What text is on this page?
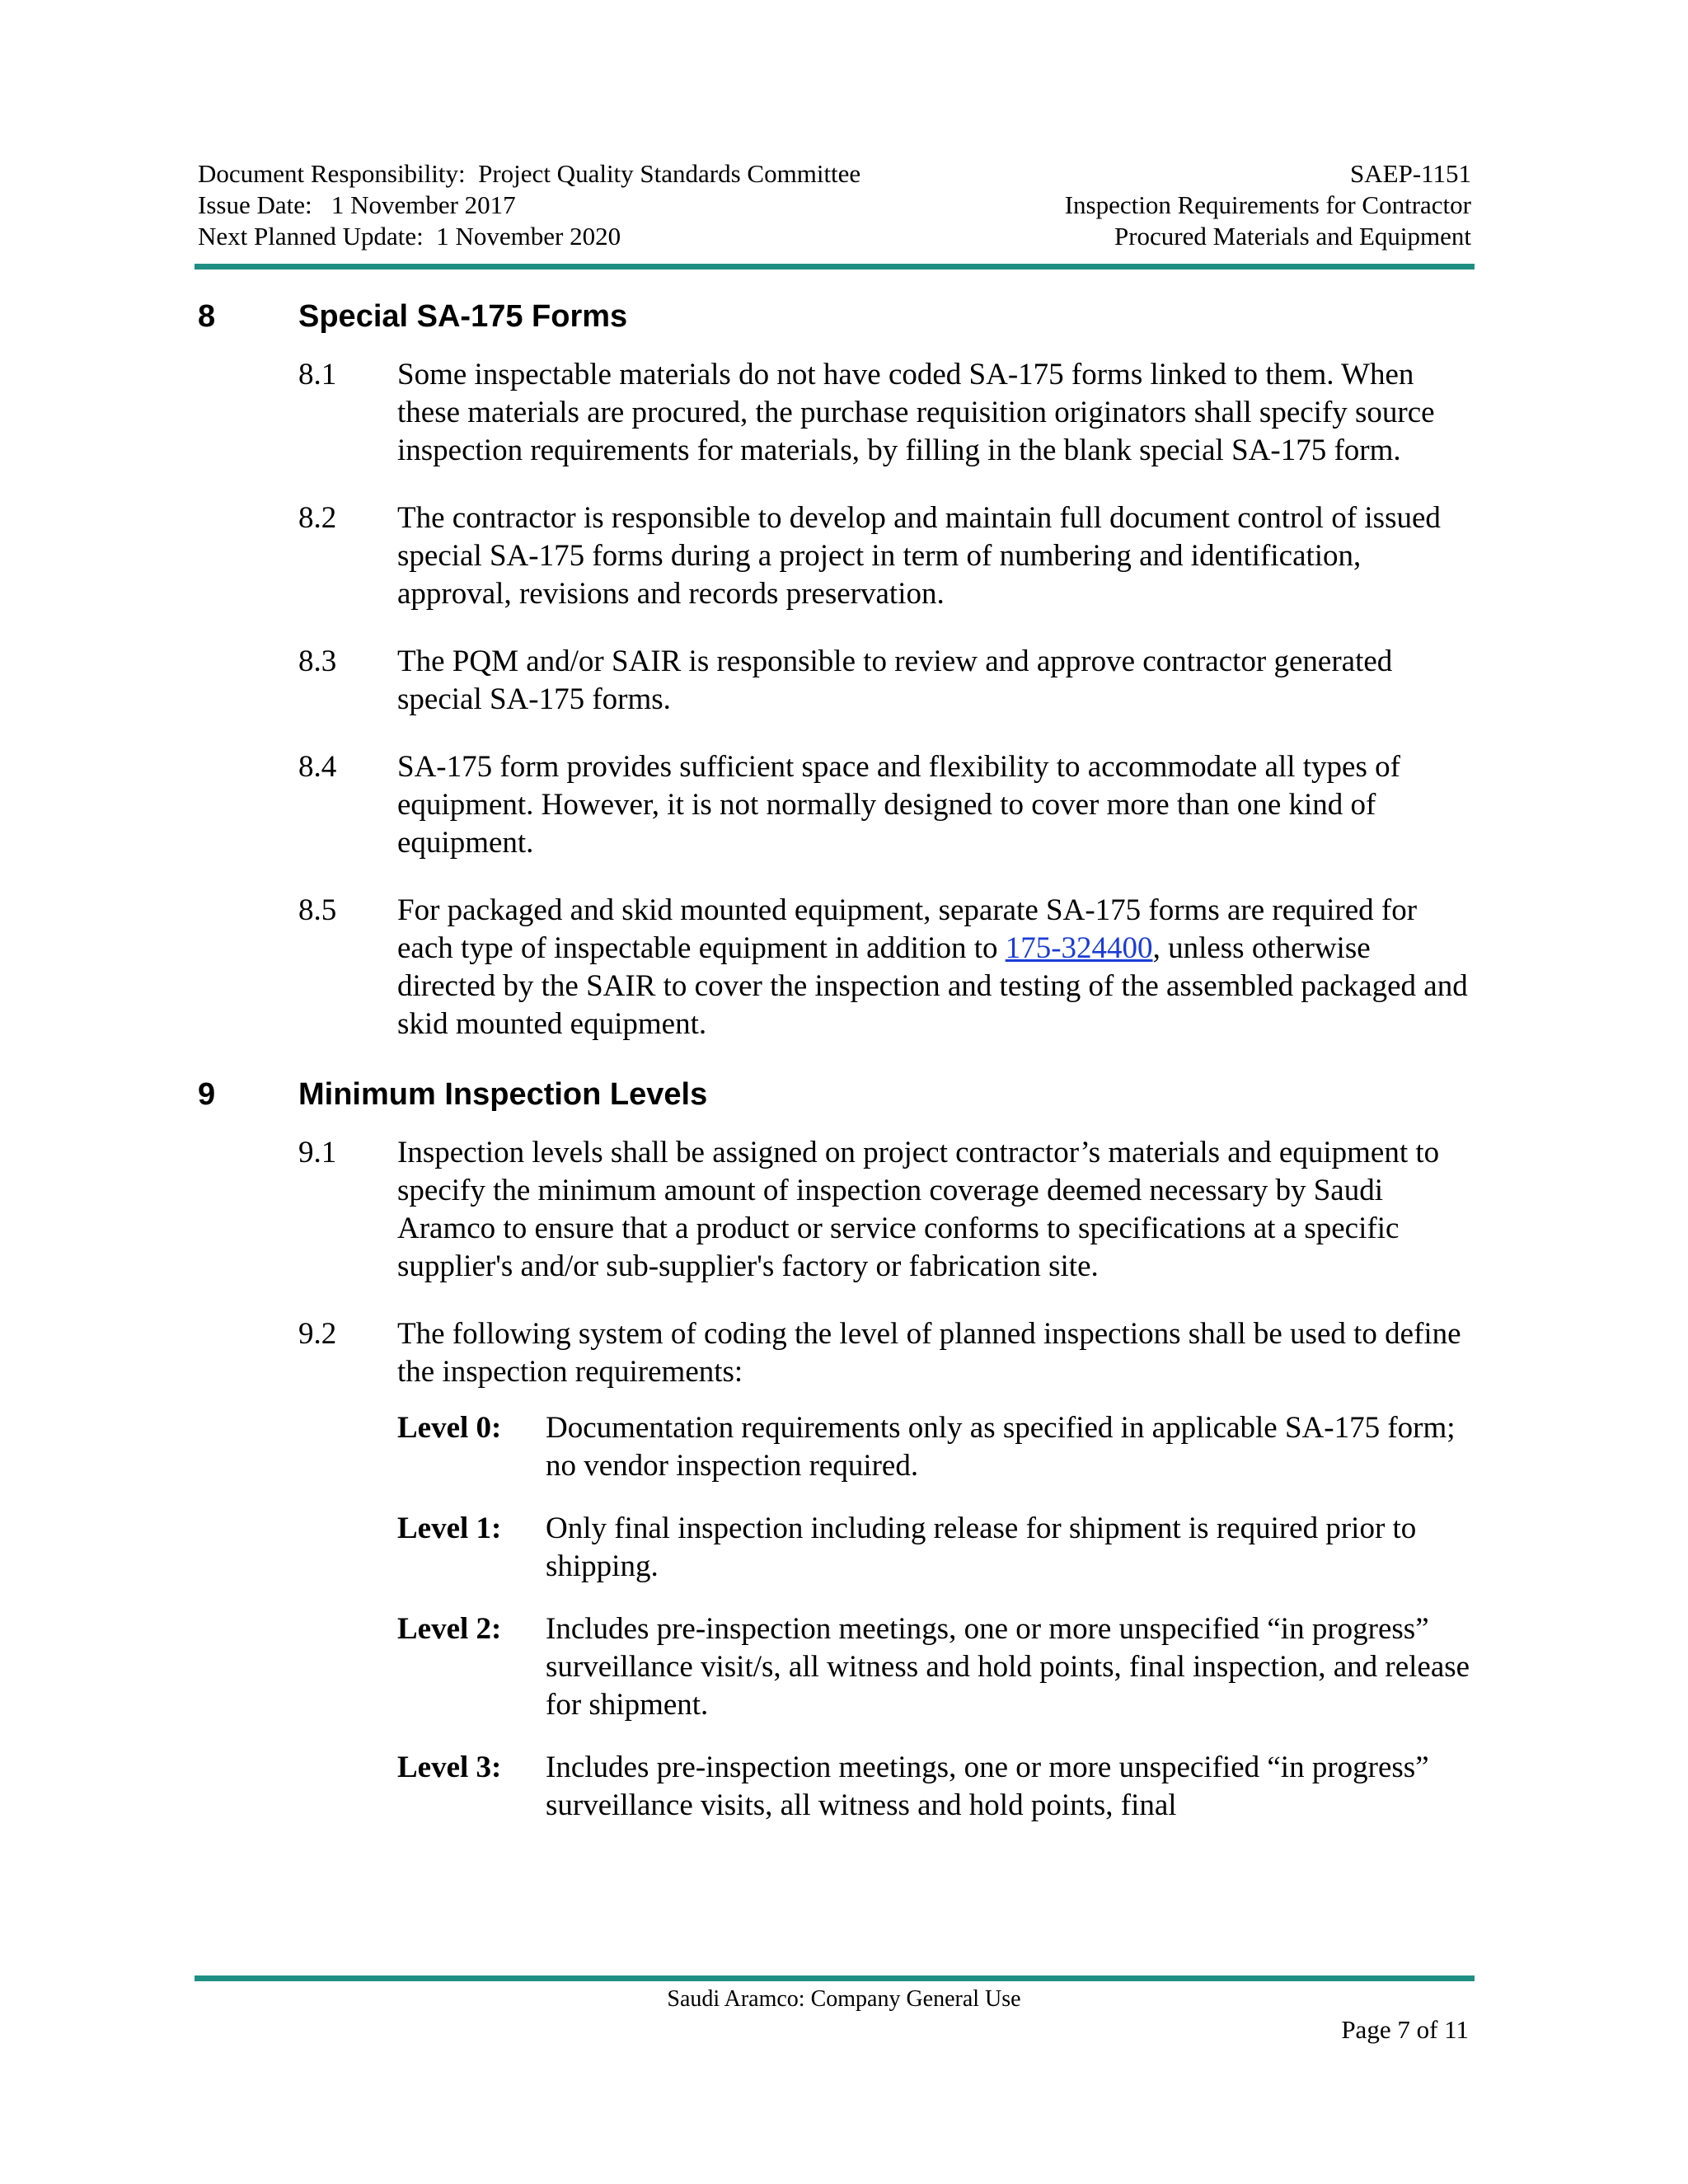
Document Responsibility:  Project Quality Standards Committee
Issue Date:   1 November 2017
Next Planned Update:  1 November 2020
SAEP-1151
Inspection Requirements for Contractor
Procured Materials and Equipment
8	Special SA-175 Forms
8.1	Some inspectable materials do not have coded SA-175 forms linked to them. When these materials are procured, the purchase requisition originators shall specify source inspection requirements for materials, by filling in the blank special SA-175 form.
8.2	The contractor is responsible to develop and maintain full document control of issued special SA-175 forms during a project in term of numbering and identification, approval, revisions and records preservation.
8.3	The PQM and/or SAIR is responsible to review and approve contractor generated special SA-175 forms.
8.4	SA-175 form provides sufficient space and flexibility to accommodate all types of equipment. However, it is not normally designed to cover more than one kind of equipment.
8.5	For packaged and skid mounted equipment, separate SA-175 forms are required for each type of inspectable equipment in addition to 175-324400, unless otherwise directed by the SAIR to cover the inspection and testing of the assembled packaged and skid mounted equipment.
9	Minimum Inspection Levels
9.1	Inspection levels shall be assigned on project contractor’s materials and equipment to specify the minimum amount of inspection coverage deemed necessary by Saudi Aramco to ensure that a product or service conforms to specifications at a specific supplier's and/or sub-supplier's factory or fabrication site.
9.2	The following system of coding the level of planned inspections shall be used to define the inspection requirements:
Level 0:	Documentation requirements only as specified in applicable SA-175 form; no vendor inspection required.
Level 1:	Only final inspection including release for shipment is required prior to shipping.
Level 2:	Includes pre-inspection meetings, one or more unspecified “in progress” surveillance visit/s, all witness and hold points, final inspection, and release for shipment.
Level 3:	Includes pre-inspection meetings, one or more unspecified “in progress” surveillance visits, all witness and hold points, final
Saudi Aramco: Company General Use
Page 7 of 11
